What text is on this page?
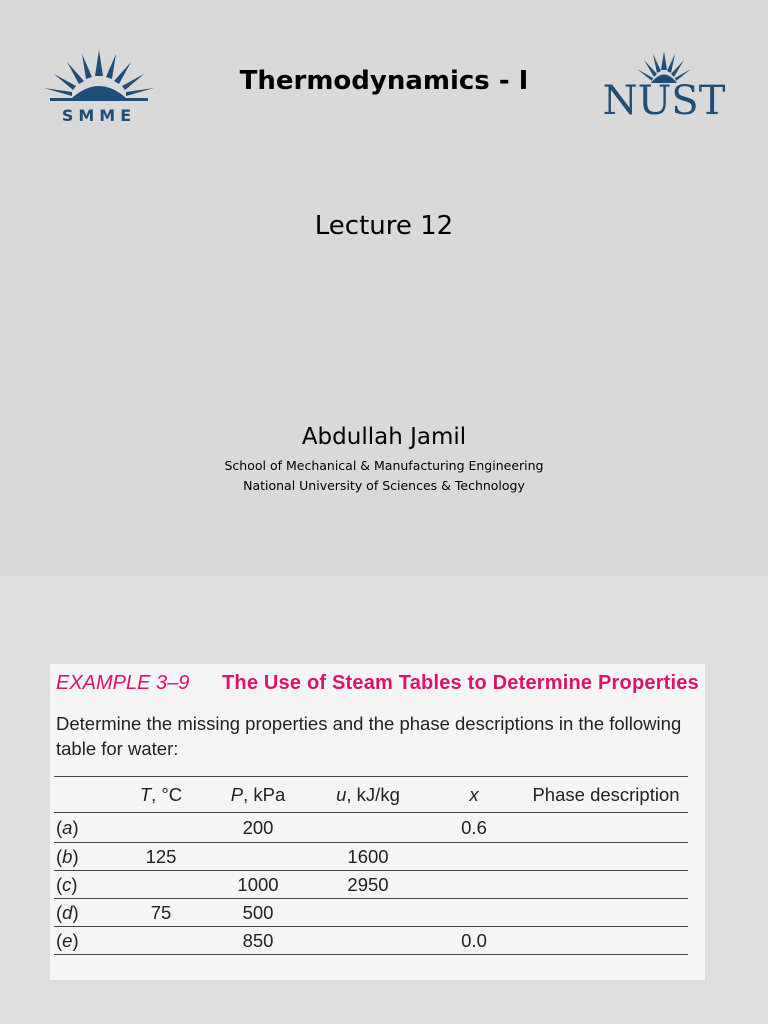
SMME
Thermodynamics - I	NUST
Lecture 12
Abdullah Jamil
School of Mechanical & Manufacturing Engineering
National University of Sciences & Technology
EXAMPLE 3–9 The Use of Steam Tables to Determine Properties
Determine the missing properties and the phase descriptions in the following table for water:
	T, °C	P, kPa	u, kJ/kg	x	Phase description
(a)		200		0.6	
(b)	125		1600		
(c)		1000	2950		
(d)	75	500			
(e)		850		0.0	
